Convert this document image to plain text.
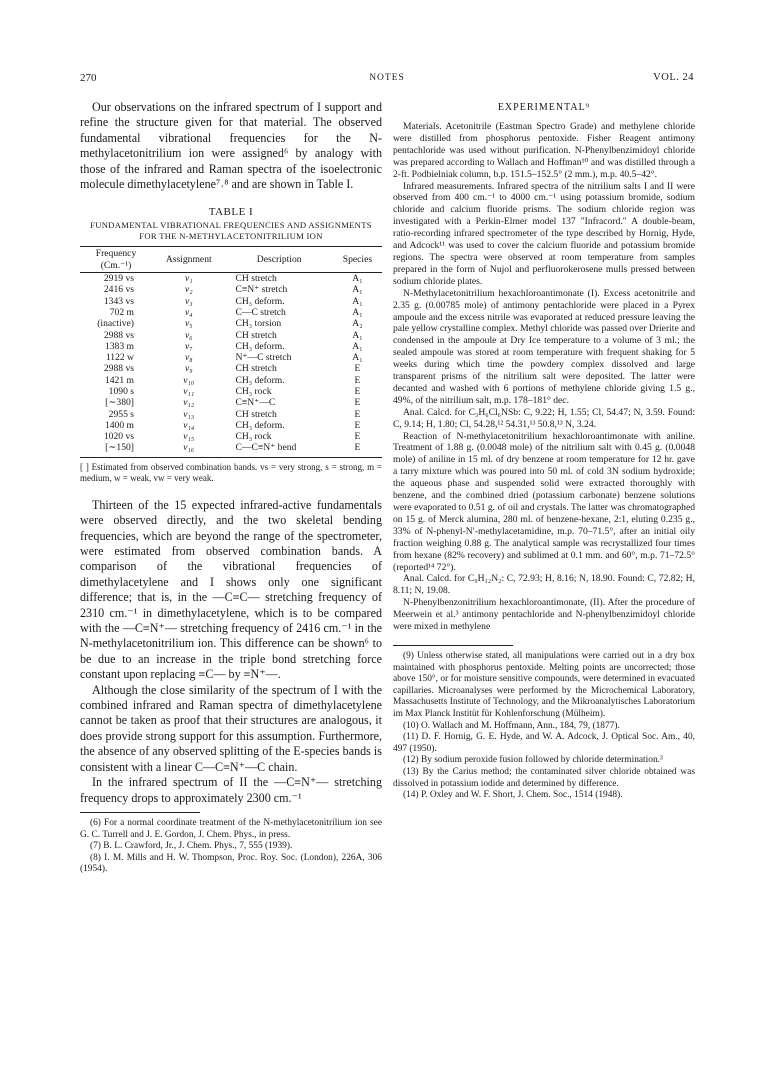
270	NOTES	VOL. 24

Our observations on the infrared spectrum of I support and refine the structure given for that material. The observed fundamental vibrational frequencies for the N-methylacetonitrilium ion were assigned⁶ by analogy with those of the infrared and Raman spectra of the isoelectronic molecule dimethylacetylene⁷˒⁸ and are shown in Table I.

TABLE I
FUNDAMENTAL VIBRATIONAL FREQUENCIES AND ASSIGNMENTS FOR THE N-METHYLACETONITRILIUM ION
Frequency (Cm.⁻¹)	Assignment	Description	Species
2919 vs	ν₁	CH stretch	A₁
2416 vs	ν₂	C≡N⁺ stretch	A₁
1343 vs	ν₃	CH₃ deform.	A₁
702 m	ν₄	C—C stretch	A₁
(inactive)	ν₅	CH₃ torsion	A₂
2988 vs	ν₆	CH stretch	A₁
1383 m	ν₇	CH₃ deform.	A₁
1122 w	ν₈	N⁺—C stretch	A₁
2988 vs	ν₉	CH stretch	E
1421 m	ν₁₀	CH₃ deform.	E
1090 s	ν₁₁	CH₃ rock	E
[∼380]	ν₁₂	C≡N⁺—C	E
2955 s	ν₁₃	CH stretch	E
1400 m	ν₁₄	CH₃ deform.	E
1020 vs	ν₁₅	CH₃ rock	E
[∼150]	ν₁₆	C—C≡N⁺ bend	E

[ ] Estimated from observed combination bands. vs = very strong, s = strong, m = medium, w = weak, vw = very weak.

Thirteen of the 15 expected infrared-active fundamentals were observed directly, and the two skeletal bending frequencies, which are beyond the range of the spectrometer, were estimated from observed combination bands. A comparison of the vibrational frequencies of dimethylacetylene and I shows only one significant difference; that is, in the —C≡C— stretching frequency of 2310 cm.⁻¹ in dimethylacetylene, which is to be compared with the —C≡N⁺— stretching frequency of 2416 cm.⁻¹ in the N-methylacetonitrilium ion. This difference can be shown⁶ to be due to an increase in the triple bond stretching force constant upon replacing ≡C— by ≡N⁺—.

Although the close similarity of the spectrum of I with the combined infrared and Raman spectra of dimethylacetylene cannot be taken as proof that their structures are analogous, it does provide strong support for this assumption. Furthermore, the absence of any observed splitting of the E-species bands is consistent with a linear C—C≡N⁺—C chain.

In the infrared spectrum of II the —C≡N⁺— stretching frequency drops to approximately 2300 cm.⁻¹

(6) For a normal coordinate treatment of the N-methylacetonitrilium ion see G. C. Turrell and J. E. Gordon, J. Chem. Phys., in press.

(7) B. L. Crawford, Jr., J. Chem. Phys., 7, 555 (1939).

(8) I. M. Mills and H. W. Thompson, Proc. Roy. Soc. (London), 226A, 306 (1954).

EXPERIMENTAL⁹

Materials. Acetonitrile (Eastman Spectro Grade) and methylene chloride were distilled from phosphorus pentoxide. Fisher Reagent antimony pentachloride was used without purification. N-Phenylbenzimidoyl chloride was prepared according to Wallach and Hoffman¹⁰ and was distilled through a 2-ft. Podbielniak column, b.p. 151.5–152.5° (2 mm.), m.p. 40.5–42°.

Infrared measurements. Infrared spectra of the nitrilium salts I and II were observed from 400 cm.⁻¹ to 4000 cm.⁻¹ using potassium bromide, sodium chloride and calcium fluoride prisms. The sodium chloride region was investigated with a Perkin-Elmer model 137 "Infracord." A double-beam, ratio-recording infrared spectrometer of the type described by Hornig, Hyde, and Adcock¹¹ was used to cover the calcium fluoride and potassium bromide regions. The spectra were observed at room temperature from samples prepared in the form of Nujol and perfluorokerosene mulls pressed between sodium chloride plates.

N-Methylacetonitrilium hexachloroantimonate (I). Excess acetonitrile and 2.35 g. (0.00785 mole) of antimony pentachloride were placed in a Pyrex ampoule and the excess nitrile was evaporated at reduced pressure leaving the pale yellow crystalline complex. Methyl chloride was passed over Drierite and condensed in the ampoule at Dry Ice temperature to a volume of 3 ml.; the sealed ampoule was stored at room temperature with frequent shaking for 5 weeks during which time the powdery complex dissolved and large transparent prisms of the nitrilium salt were deposited. The latter were decanted and washed with 6 portions of methylene chloride giving 1.5 g., 49%, of the nitrilium salt, m.p. 178–181° dec.

Anal. Calcd. for C₃H₆Cl₆NSb: C, 9.22; H, 1.55; Cl, 54.47; N, 3.59. Found: C, 9.14; H, 1.80; Cl, 54.28,¹² 54.31,¹³ 50.8,¹³ N, 3.24.

Reaction of N-methylacetonitrilium hexachloroantimonate with aniline. Treatment of 1.88 g. (0.0048 mole) of the nitrilium salt with 0.45 g. (0.0048 mole) of aniline in 15 ml. of dry benzene at room temperature for 12 hr. gave a tarry mixture which was poured into 50 ml. of cold 3N sodium hydroxide; the aqueous phase and suspended solid were extracted thoroughly with benzene, and the combined dried (potassium carbonate) benzene solutions were evaporated to 0.51 g. of oil and crystals. The latter was chromatographed on 15 g. of Merck alumina, 280 ml. of benzene-hexane, 2:1, eluting 0.235 g., 33% of N-phenyl-N′-methylacetamidine, m.p. 70–71.5°, after an initial oily fraction weighing 0.88 g. The analytical sample was recrystallized four times from hexane (82% recovery) and sublimed at 0.1 mm. and 60°, m.p. 71–72.5° (reported¹⁴ 72°).

Anal. Calcd. for C₉H₁₂N₂: C, 72.93; H, 8.16; N, 18.90. Found: C, 72.82; H, 8.11; N, 19.08.

N-Phenylbenzonitrilium hexachloroantimonate, (II). After the procedure of Meerwein et al.³ antimony pentachloride and N-phenylbenzimidoyl chloride were mixed in methylene

(9) Unless otherwise stated, all manipulations were carried out in a dry box maintained with phosphorus pentoxide. Melting points are uncorrected; those above 150°, or for moisture sensitive compounds, were determined in evacuated capillaries. Microanalyses were performed by the Microchemical Laboratory, Massachusetts Institute of Technology, and the Mikroanalytisches Laboratorium im Max Planck Institüt für Kohlenforschung (Mülheim).

(10) O. Wallach and M. Hoffmann, Ann., 184, 79, (1877).

(11) D. F. Hornig, G. E. Hyde, and W. A. Adcock, J. Optical Soc. Am., 40, 497 (1950).

(12) By sodium peroxide fusion followed by chloride determination.³

(13) By the Carius method; the contaminated silver chloride obtained was dissolved in potassium iodide and determined by difference.

(14) P. Oxley and W. F. Short, J. Chem. Soc., 1514 (1948).
